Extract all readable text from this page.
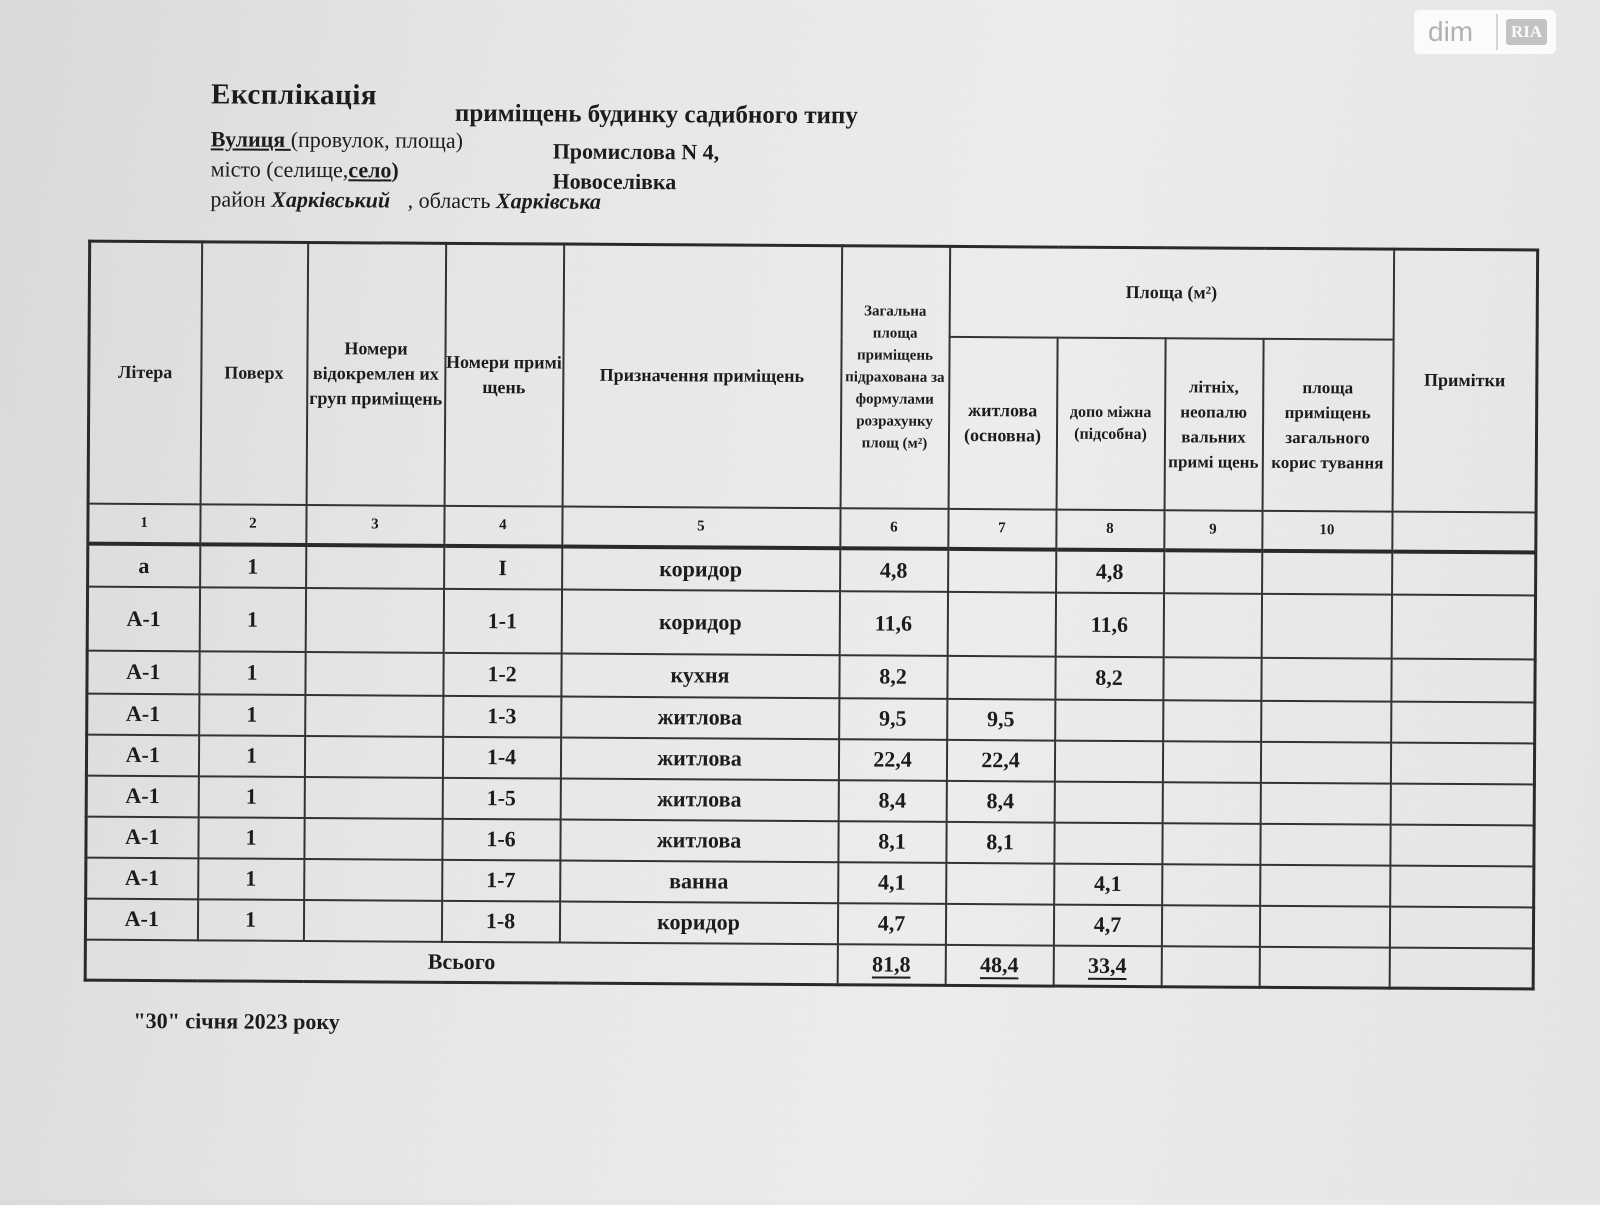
dim	RIA
Експлікація
приміщень будинку садибного типу
Вулиця (провулок, площа)	Промислова N 4,
місто (селище,село)	Новоселівка
район Харківський , область Харківська
Літера	Поверх	Номери відокремлен их груп приміщень	Номери примі щень	Призначення приміщень	Загальна площа приміщень підрахована за формулами розрахунку площ (м²)	Площа (м²)				Примітки
						житлова (основна)	допо міжна (підсобна)	літніх, неопалю вальних примі щень	площа приміщень загального корис тування	
1	2	3	4	5	6	7	8	9	10	
а	1		I	коридор	4,8		4,8			
А-1	1		1-1	коридор	11,6		11,6			
А-1	1		1-2	кухня	8,2		8,2			
А-1	1		1-3	житлова	9,5	9,5				
А-1	1		1-4	житлова	22,4	22,4				
А-1	1		1-5	житлова	8,4	8,4				
А-1	1		1-6	житлова	8,1	8,1				
А-1	1		1-7	ванна	4,1		4,1			
А-1	1		1-8	коридор	4,7		4,7			
Всього					81,8	48,4	33,4			
"30" січня 2023 року
